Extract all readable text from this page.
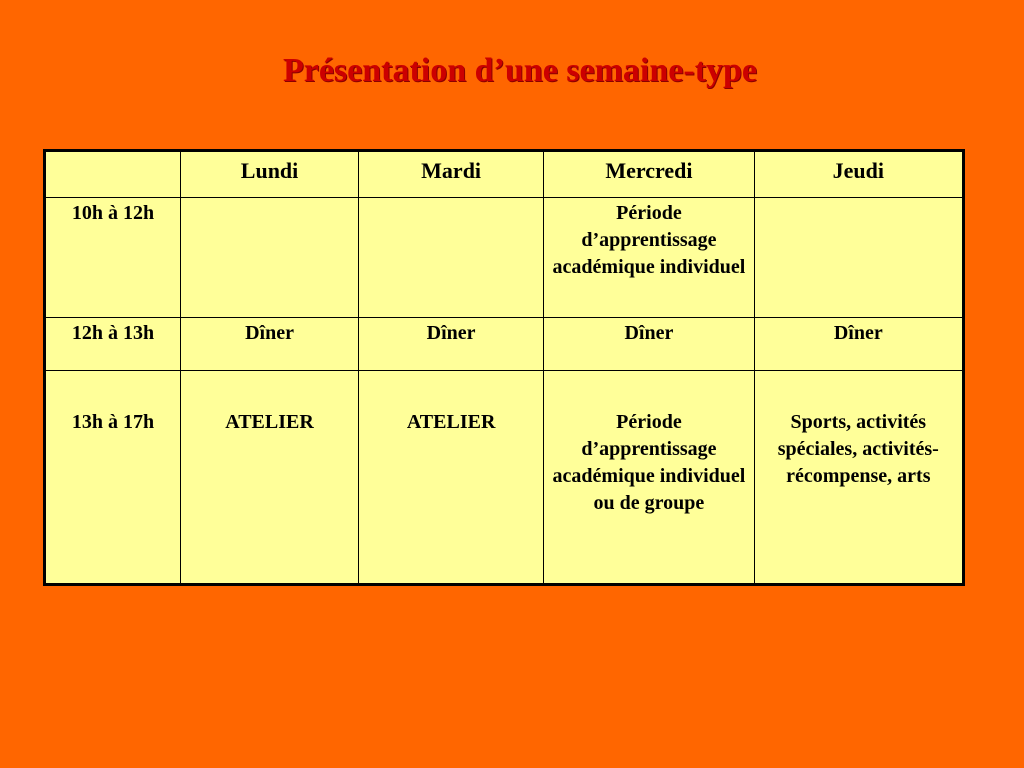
Présentation d’une semaine-type
	Lundi	Mardi	Mercredi	Jeudi
10h à 12h			Période d’apprentissage académique individuel	
12h à 13h	Dîner	Dîner	Dîner	Dîner
13h à 17h	ATELIER	ATELIER	Période d’apprentissage académique individuel ou de groupe	Sports, activités spéciales, activités-récompense, arts
